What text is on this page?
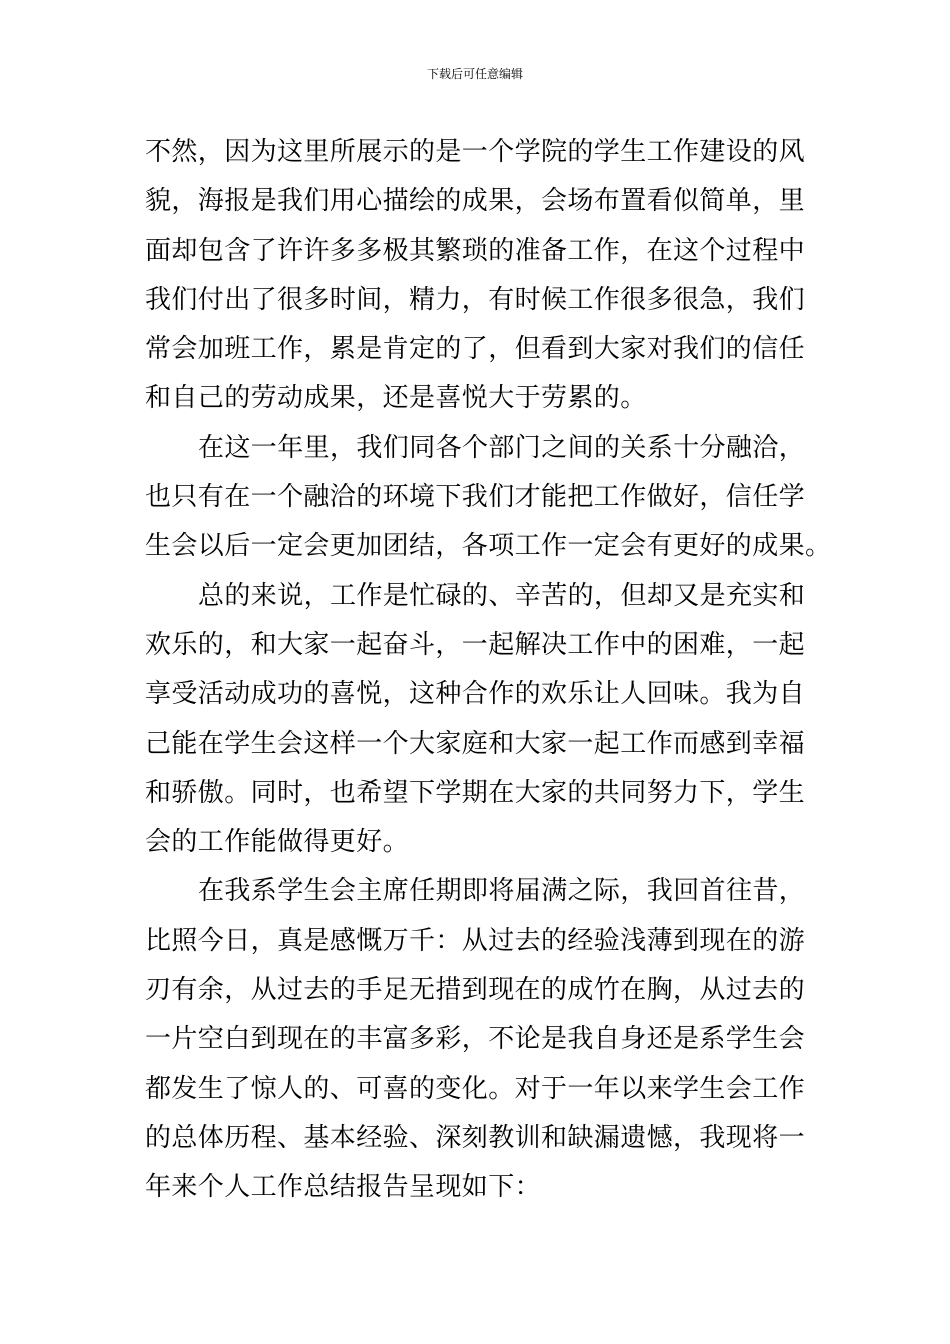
下载后可任意编辑
不然，因为这里所展示的是一个学院的学生工作建设的风
貌，海报是我们用心描绘的成果，会场布置看似简单，里
面却包含了许许多多极其繁琐的准备工作，在这个过程中
我们付出了很多时间，精力，有时候工作很多很急，我们
常会加班工作，累是肯定的了，但看到大家对我们的信任
和自己的劳动成果，还是喜悦大于劳累的。
在这一年里，我们同各个部门之间的关系十分融洽，
也只有在一个融洽的环境下我们才能把工作做好，信任学
生会以后一定会更加团结，各项工作一定会有更好的成果。
总的来说，工作是忙碌的、辛苦的，但却又是充实和
欢乐的，和大家一起奋斗，一起解决工作中的困难，一起
享受活动成功的喜悦，这种合作的欢乐让人回味。我为自
己能在学生会这样一个大家庭和大家一起工作而感到幸福
和骄傲。同时，也希望下学期在大家的共同努力下，学生
会的工作能做得更好。
在我系学生会主席任期即将届满之际，我回首往昔，
比照今日，真是感慨万千：从过去的经验浅薄到现在的游
刃有余，从过去的手足无措到现在的成竹在胸，从过去的
一片空白到现在的丰富多彩，不论是我自身还是系学生会
都发生了惊人的、可喜的变化。对于一年以来学生会工作
的总体历程、基本经验、深刻教训和缺漏遗憾，我现将一
年来个人工作总结报告呈现如下：
